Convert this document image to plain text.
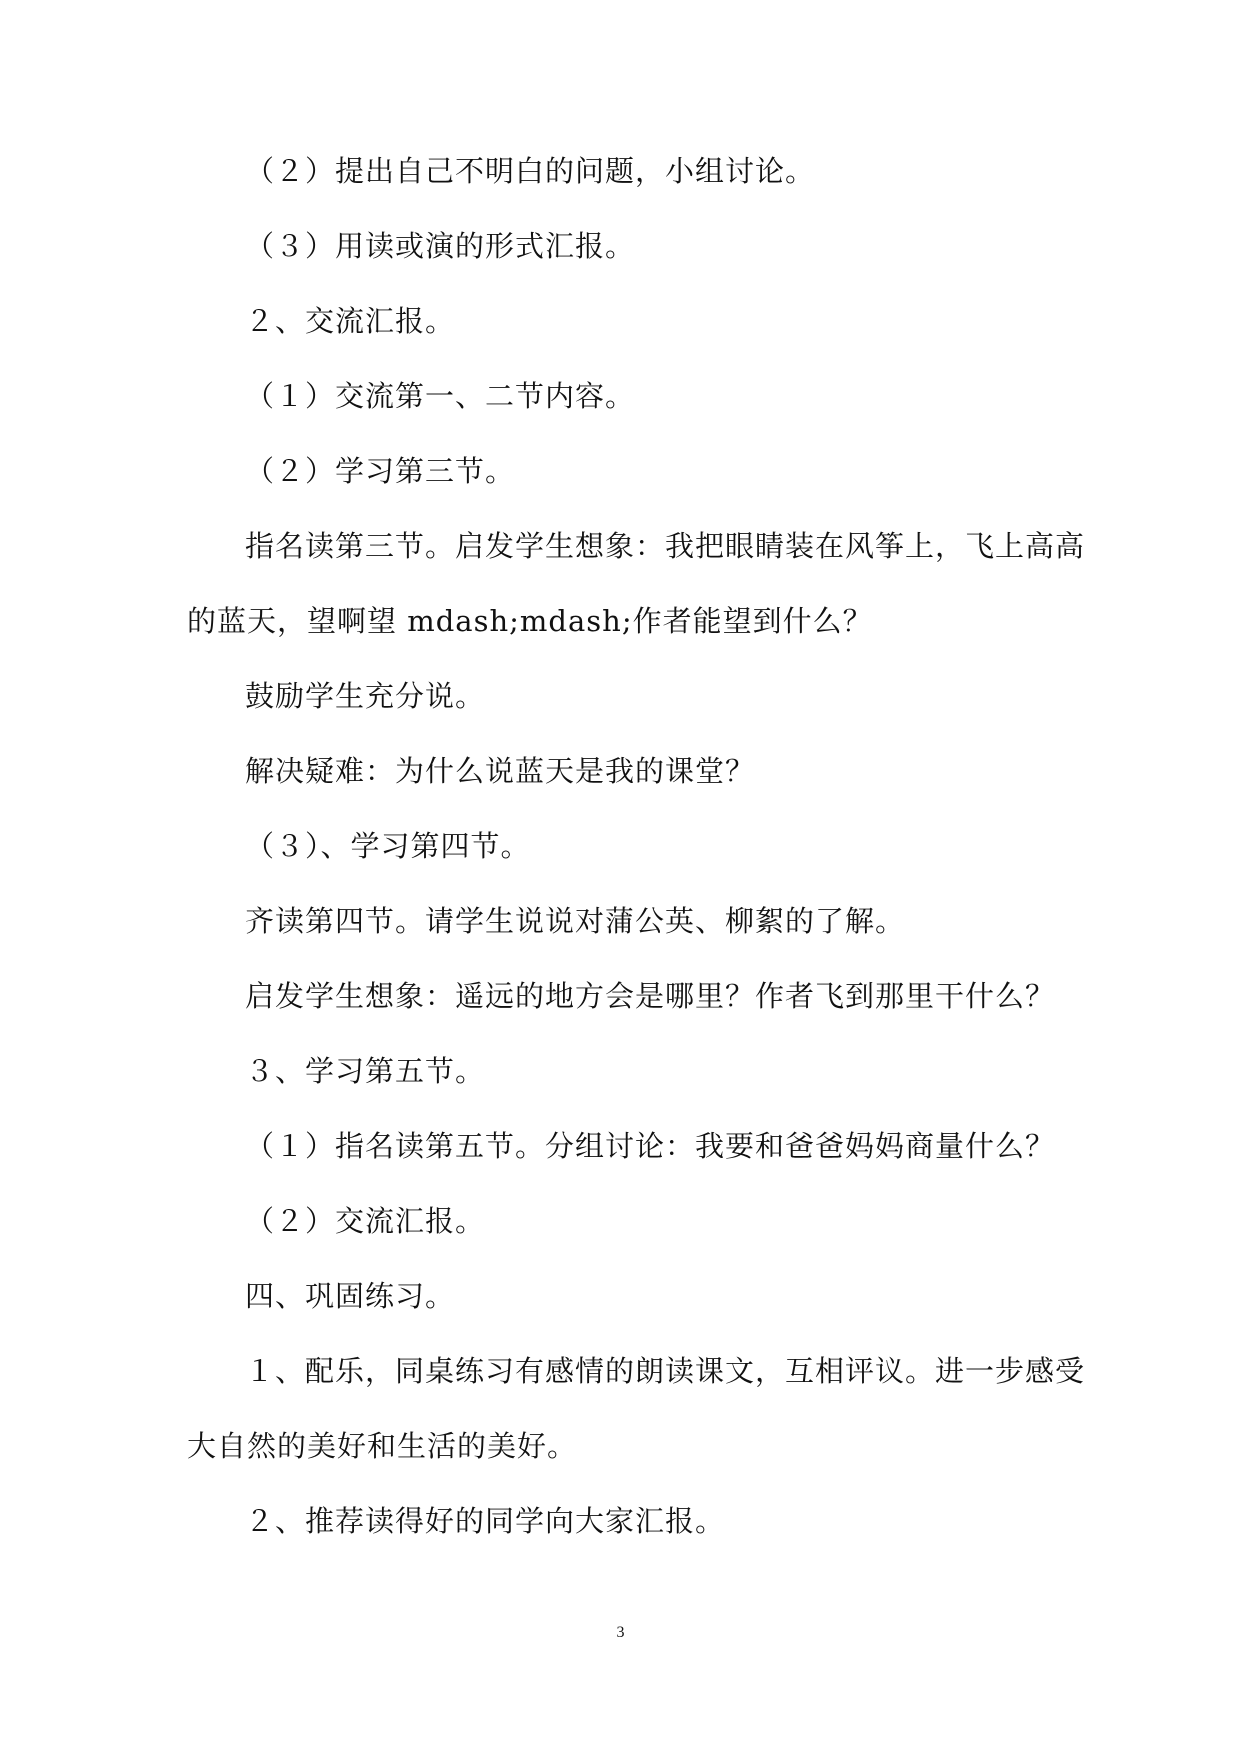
（２）提出自己不明白的问题，小组讨论。
（３）用读或演的形式汇报。
２、交流汇报。
（１）交流第一、二节内容。
（２）学习第三节。
指名读第三节。启发学生想象：我把眼睛装在风筝上，飞上高高
的蓝天，望啊望 mdash;mdash;作者能望到什么？
鼓励学生充分说。
解决疑难：为什么说蓝天是我的课堂？
（３）、学习第四节。
齐读第四节。请学生说说对蒲公英、柳絮的了解。
启发学生想象：遥远的地方会是哪里？作者飞到那里干什么？
３、学习第五节。
（１）指名读第五节。分组讨论：我要和爸爸妈妈商量什么？
（２）交流汇报。
四、巩固练习。
１、配乐，同桌练习有感情的朗读课文，互相评议。进一步感受
大自然的美好和生活的美好。
２、推荐读得好的同学向大家汇报。
3
